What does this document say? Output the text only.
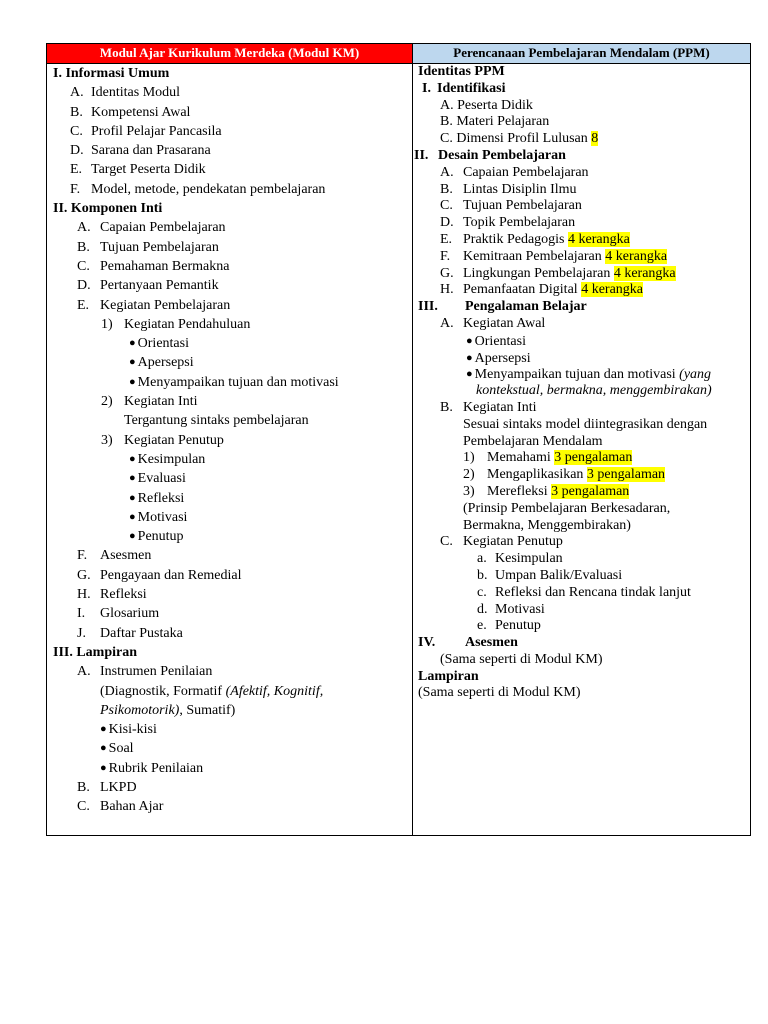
Modul Ajar Kurikulum Merdeka (Modul KM)	Perencanaan Pembelajaran Mendalam (PPM)
I. Informasi Umum
A. Identitas Modul
B. Kompetensi Awal
C. Profil Pelajar Pancasila
D. Sarana dan Prasarana
E. Target Peserta Didik
F. Model, metode, pendekatan pembelajaran
II. Komponen Inti
A. Capaian Pembelajaran
B. Tujuan Pembelajaran
C. Pemahaman Bermakna
D. Pertanyaan Pemantik
E. Kegiatan Pembelajaran
1) Kegiatan Pendahuluan
● Orientasi
● Apersepsi
● Menyampaikan tujuan dan motivasi
2) Kegiatan Inti
Tergantung sintaks pembelajaran
3) Kegiatan Penutup
● Kesimpulan
● Evaluasi
● Refleksi
● Motivasi
● Penutup
F. Asesmen
G. Pengayaan dan Remedial
H. Refleksi
I. Glosarium
J. Daftar Pustaka
III. Lampiran
A. Instrumen Penilaian
(Diagnostik, Formatif (Afektif, Kognitif,
Psikomotorik), Sumatif)
● Kisi-kisi
● Soal
● Rubrik Penilaian
B. LKPD
C. Bahan Ajar
Identitas PPM
I. Identifikasi
A. Peserta Didik
B. Materi Pelajaran
C. Dimensi Profil Lulusan 8
II. Desain Pembelajaran
A. Capaian Pembelajaran
B. Lintas Disiplin Ilmu
C. Tujuan Pembelajaran
D. Topik Pembelajaran
E. Praktik Pedagogis 4 kerangka
F. Kemitraan Pembelajaran 4 kerangka
G. Lingkungan Pembelajaran 4 kerangka
H. Pemanfaatan Digital 4 kerangka
III. Pengalaman Belajar
A. Kegiatan Awal
● Orientasi
● Apersepsi
● Menyampaikan tujuan dan motivasi (yang
kontekstual, bermakna, menggembirakan)
B. Kegiatan Inti
Sesuai sintaks model diintegrasikan dengan
Pembelajaran Mendalam
1) Memahami 3 pengalaman
2) Mengaplikasikan 3 pengalaman
3) Merefleksi 3 pengalaman
(Prinsip Pembelajaran Berkesadaran,
Bermakna, Menggembirakan)
C. Kegiatan Penutup
a. Kesimpulan
b. Umpan Balik/Evaluasi
c. Refleksi dan Rencana tindak lanjut
d. Motivasi
e. Penutup
IV. Asesmen
(Sama seperti di Modul KM)
Lampiran
(Sama seperti di Modul KM)
